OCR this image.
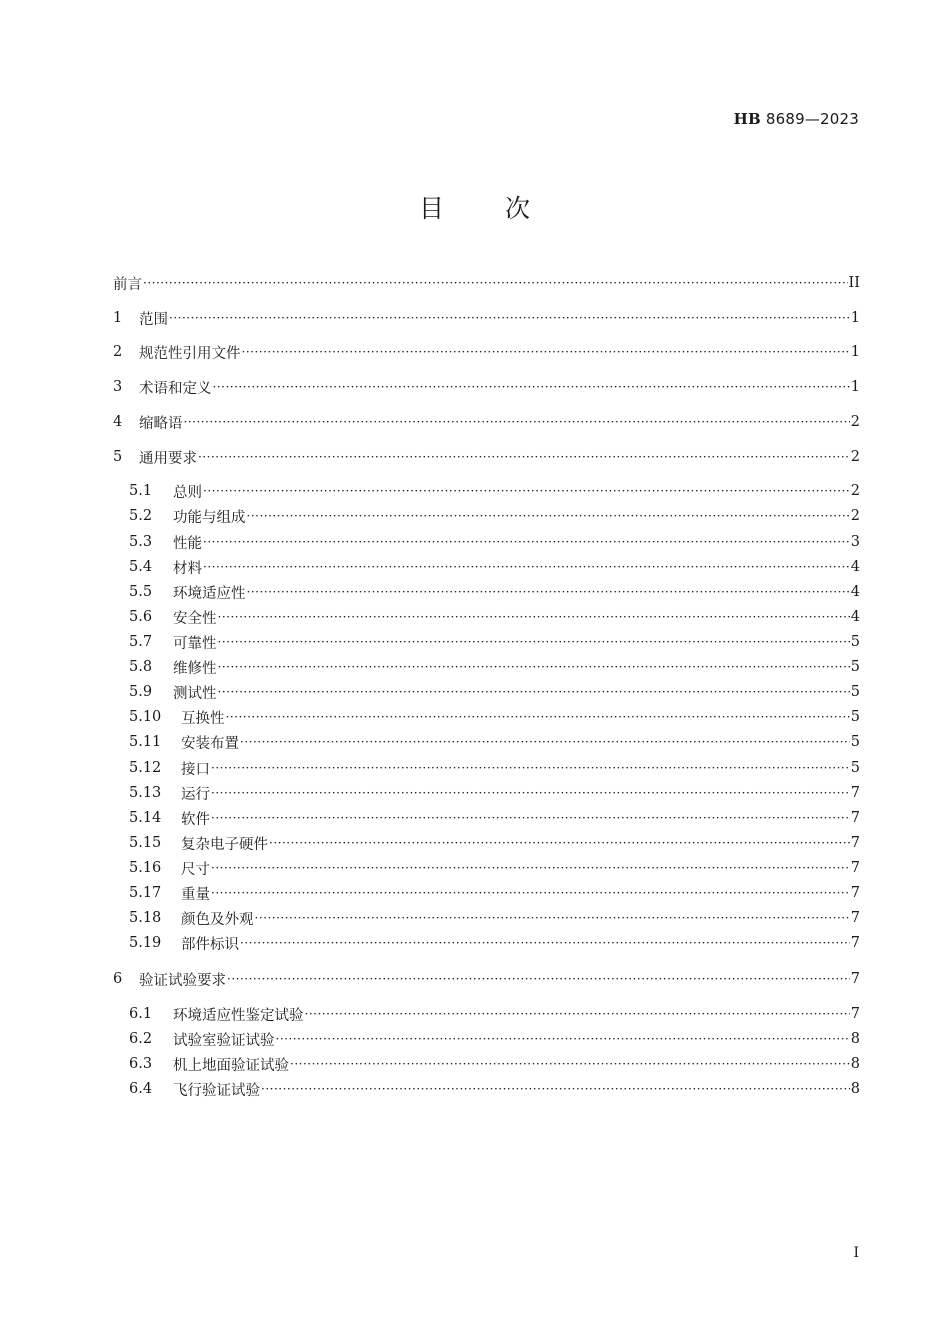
HB 8689—2023
目 次
前言 ·····	II
1	范围 ·····	1
2	规范性引用文件 ·····	1
3	术语和定义 ·····	1
4	缩略语 ·····	2
5	通用要求 ·····	2
5.1	总则 ·····	2
5.2	功能与组成 ·····	2
5.3	性能 ·····	3
5.4	材料 ·····	4
5.5	环境适应性 ·····	4
5.6	安全性 ·····	4
5.7	可靠性 ·····	5
5.8	维修性 ·····	5
5.9	测试性 ·····	5
5.10	互换性 ·····	5
5.11	安装布置 ·····	5
5.12	接口 ·····	5
5.13	运行 ·····	7
5.14	软件 ·····	7
5.15	复杂电子硬件 ·····	7
5.16	尺寸 ·····	7
5.17	重量 ·····	7
5.18	颜色及外观 ·····	7
5.19	部件标识 ·····	7
6	验证试验要求 ·····	7
6.1	环境适应性鉴定试验 ·····	7
6.2	试验室验证试验 ·····	8
6.3	机上地面验证试验 ·····	8
6.4	飞行验证试验 ·····	8
I
